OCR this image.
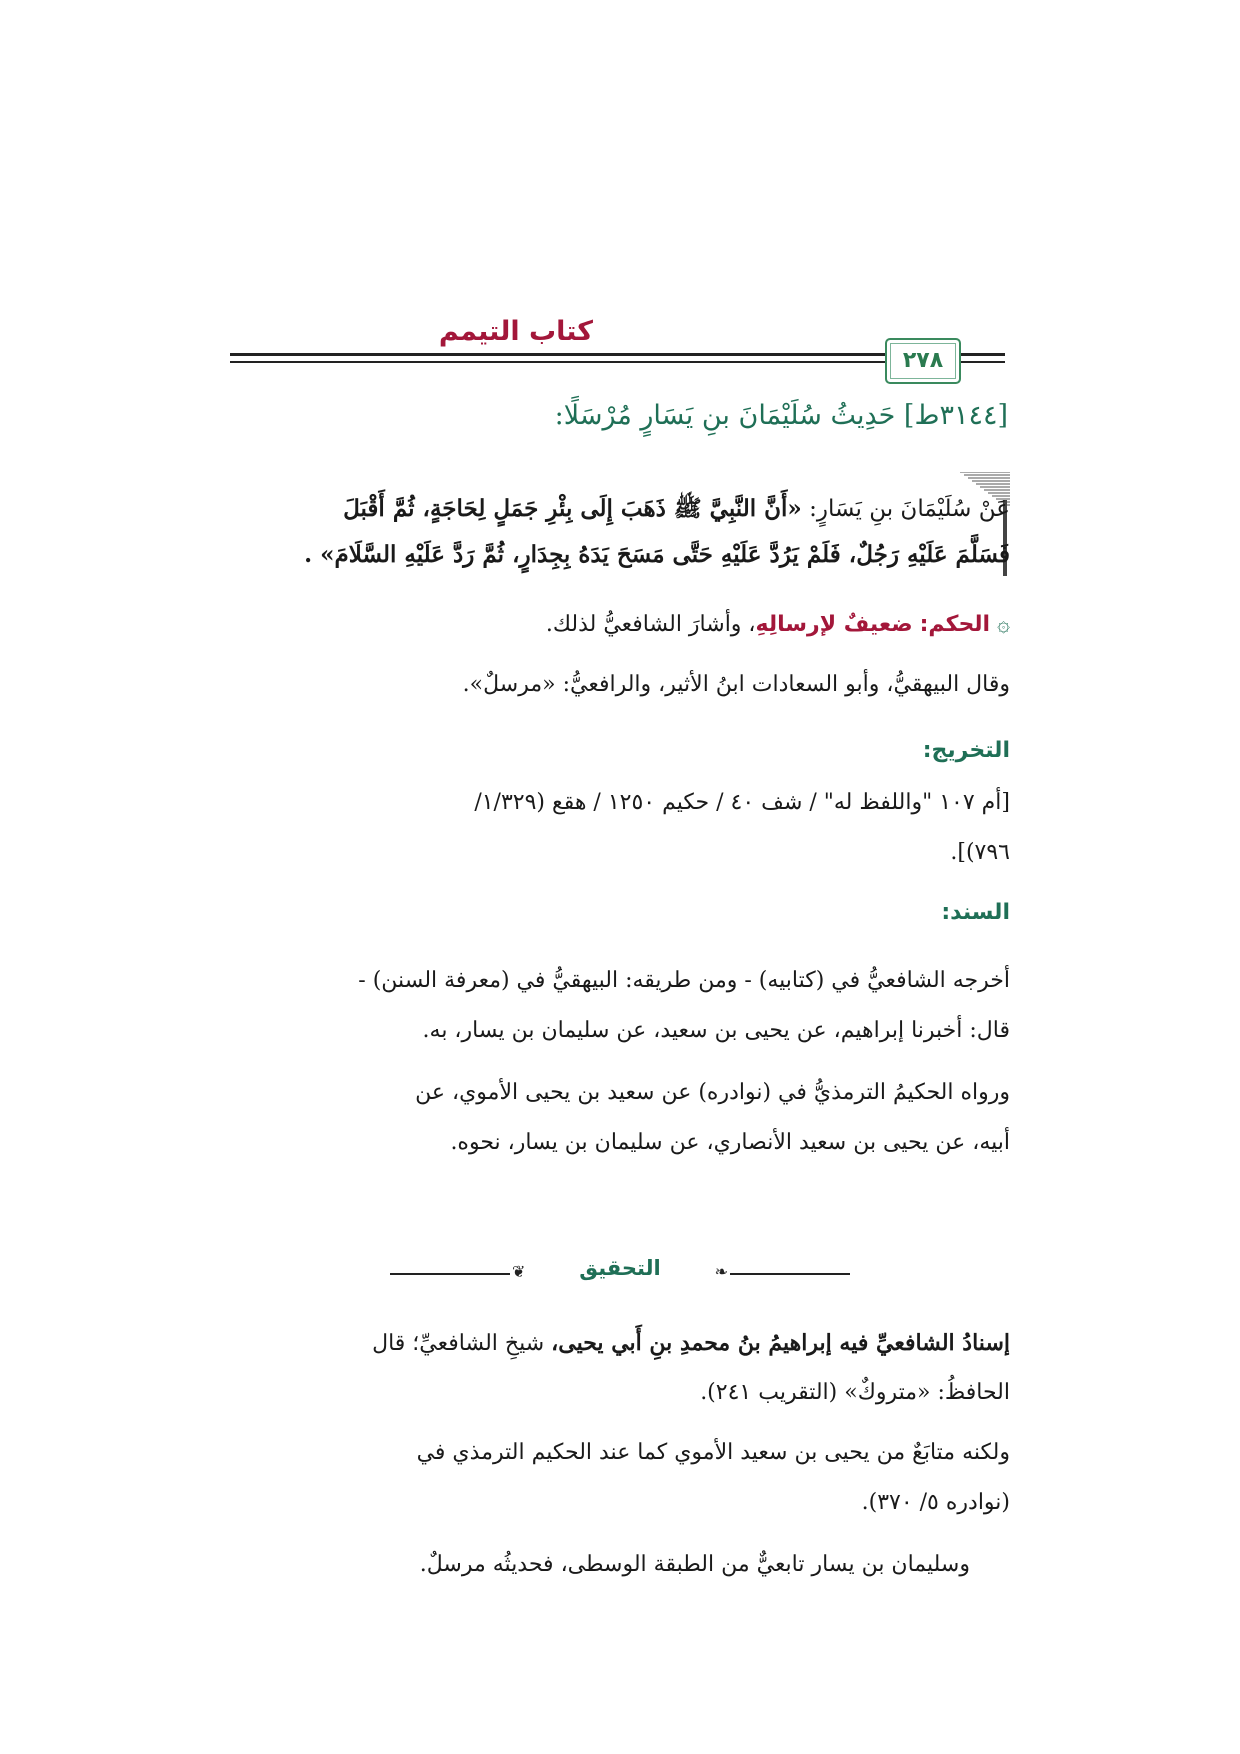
كتاب التيمم
٢٧٨
[٣١٤٤ط] حَدِيثُ سُلَيْمَانَ بنِ يَسَارٍ مُرْسَلًا:
عَنْ سُلَيْمَانَ بنِ يَسَارٍ: «أَنَّ النَّبِيَّ ﷺ ذَهَبَ إِلَى بِئْرِ جَمَلٍ لِحَاجَةٍ، ثُمَّ أَقْبَلَ
فَسَلَّمَ عَلَيْهِ رَجُلٌ، فَلَمْ يَرُدَّ عَلَيْهِ حَتَّى مَسَحَ يَدَهُ بِجِدَارٍ، ثُمَّ رَدَّ عَلَيْهِ السَّلَامَ» .
۞ الحكم: ضعيفٌ لإرسالِهِ، وأشارَ الشافعيُّ لذلك.
وقال البيهقيُّ، وأبو السعادات ابنُ الأثير، والرافعيُّ: «مرسلٌ».
التخريج:
[أم ١٠٧ "واللفظ له" / شف ٤٠ / حكيم ١٢٥٠ / هقع (١/٣٢٩/
٧٩٦)].
السند:
أخرجه الشافعيُّ في (كتابيه) - ومن طريقه: البيهقيُّ في (معرفة السنن) -
قال: أخبرنا إبراهيم، عن يحيى بن سعيد، عن سليمان بن يسار، به.
ورواه الحكيمُ الترمذيُّ في (نوادره) عن سعيد بن يحيى الأموي، عن
أبيه، عن يحيى بن سعيد الأنصاري، عن سليمان بن يسار، نحوه.
❦	❧
التحقيق
إسنادُ الشافعيِّ فيه إبراهيمُ بنُ محمدِ بنِ أَبي يحيى، شيخِ الشافعيِّ؛ قال
الحافظُ: «متروكٌ» (التقريب ٢٤١).
ولكنه متابَعٌ من يحيى بن سعيد الأموي كما عند الحكيم الترمذي في
(نوادره ٥/ ٣٧٠).
وسليمان بن يسار تابعيٌّ من الطبقة الوسطى، فحديثُه مرسلٌ.
